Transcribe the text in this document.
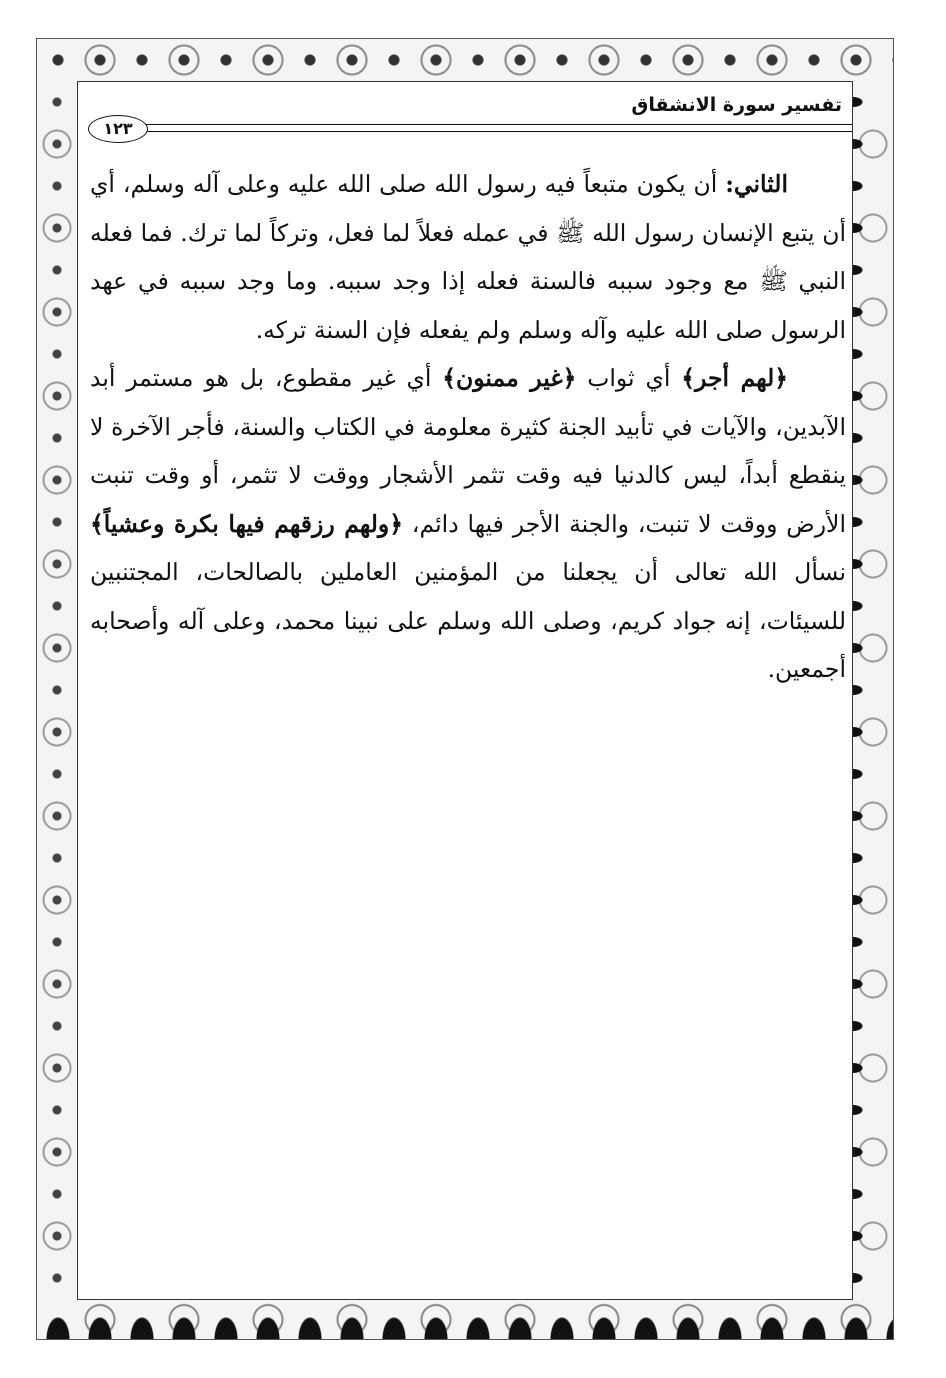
تفسير سورة الانشقاق
١٢٣

الثاني: أن يكون متبعاً فيه رسول الله صلى الله عليه وعلى آله وسلم، أي أن يتبع الإنسان رسول الله ﷺ في عمله فعلاً لما فعل، وتركاً لما ترك. فما فعله النبي ﷺ مع وجود سببه فالسنة فعله إذا وجد سببه. وما وجد سببه في عهد الرسول صلى الله عليه وآله وسلم ولم يفعله فإن السنة تركه.

﴿لهم أجر﴾ أي ثواب ﴿غير ممنون﴾ أي غير مقطوع، بل هو مستمر أبد الآبدين، والآيات في تأبيد الجنة كثيرة معلومة في الكتاب والسنة، فأجر الآخرة لا ينقطع أبداً، ليس كالدنيا فيه وقت تثمر الأشجار ووقت لا تثمر، أو وقت تنبت الأرض ووقت لا تنبت، والجنة الأجر فيها دائم، ﴿ولهم رزقهم فيها بكرة وعشياً﴾ نسأل الله تعالى أن يجعلنا من المؤمنين العاملين بالصالحات، المجتنبين للسيئات، إنه جواد كريم، وصلى الله وسلم على نبينا محمد، وعلى آله وأصحابه أجمعين.
